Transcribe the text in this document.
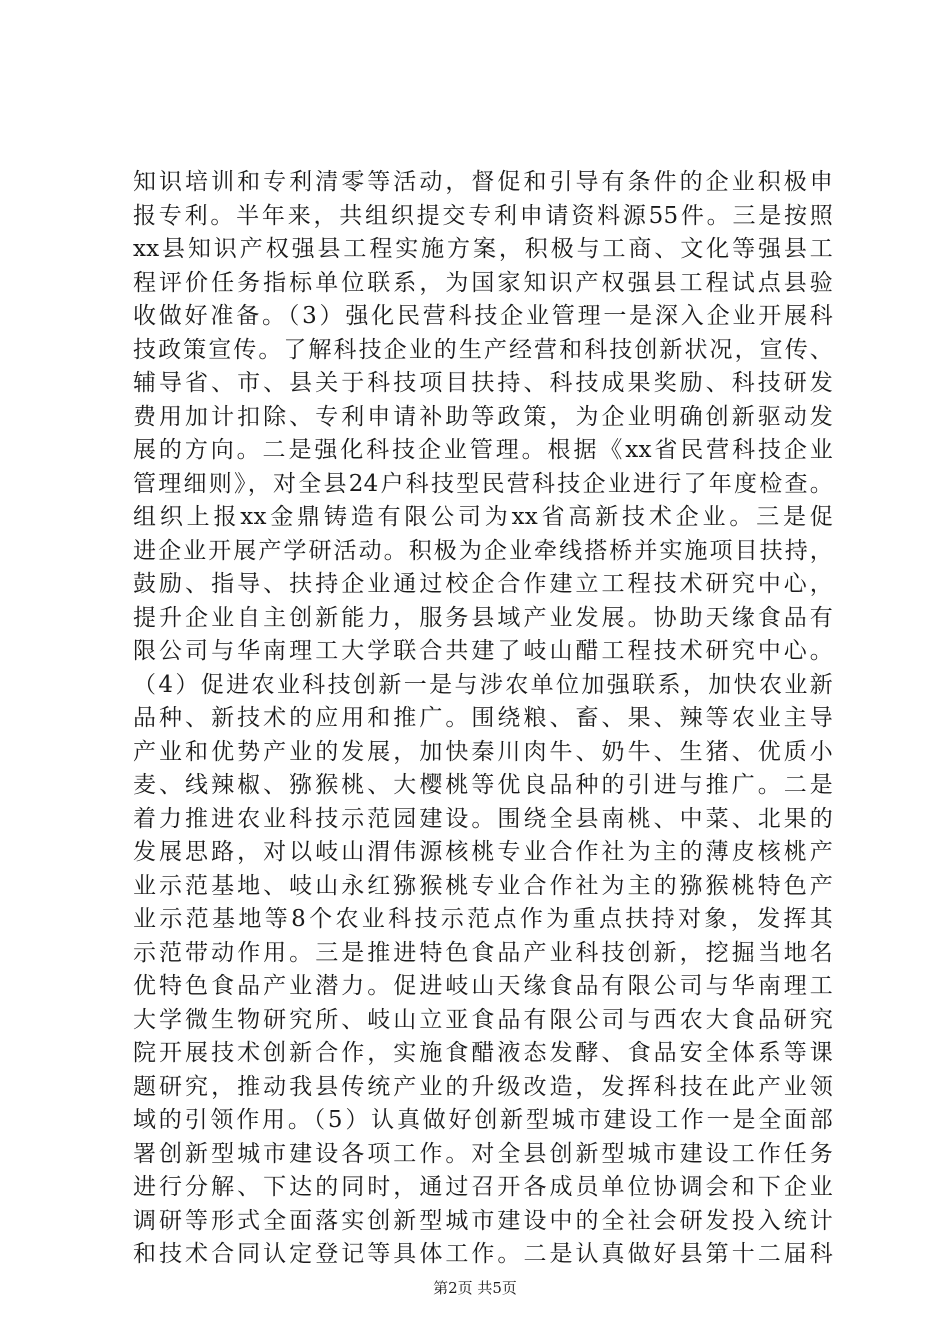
知识培训和专利清零等活动，督促和引导有条件的企业积极申
报专利。半年来，共组织提交专利申请资料源55件。三是按照
xx县知识产权强县工程实施方案，积极与工商、文化等强县工
程评价任务指标单位联系，为国家知识产权强县工程试点县验
收做好准备。（3）强化民营科技企业管理一是深入企业开展科
技政策宣传。了解科技企业的生产经营和科技创新状况，宣传、
辅导省、市、县关于科技项目扶持、科技成果奖励、科技研发
费用加计扣除、专利申请补助等政策，为企业明确创新驱动发
展的方向。二是强化科技企业管理。根据《xx省民营科技企业
管理细则》，对全县24户科技型民营科技企业进行了年度检查。
组织上报xx金鼎铸造有限公司为xx省高新技术企业。三是促
进企业开展产学研活动。积极为企业牵线搭桥并实施项目扶持，
鼓励、指导、扶持企业通过校企合作建立工程技术研究中心，
提升企业自主创新能力，服务县域产业发展。协助天缘食品有
限公司与华南理工大学联合共建了岐山醋工程技术研究中心。
（4）促进农业科技创新一是与涉农单位加强联系，加快农业新
品种、新技术的应用和推广。围绕粮、畜、果、辣等农业主导
产业和优势产业的发展，加快秦川肉牛、奶牛、生猪、优质小
麦、线辣椒、猕猴桃、大樱桃等优良品种的引进与推广。二是
着力推进农业科技示范园建设。围绕全县南桃、中菜、北果的
发展思路，对以岐山渭伟源核桃专业合作社为主的薄皮核桃产
业示范基地、岐山永红猕猴桃专业合作社为主的猕猴桃特色产
业示范基地等8个农业科技示范点作为重点扶持对象，发挥其
示范带动作用。三是推进特色食品产业科技创新，挖掘当地名
优特色食品产业潜力。促进岐山天缘食品有限公司与华南理工
大学微生物研究所、岐山立亚食品有限公司与西农大食品研究
院开展技术创新合作，实施食醋液态发酵、食品安全体系等课
题研究，推动我县传统产业的升级改造，发挥科技在此产业领
域的引领作用。（5）认真做好创新型城市建设工作一是全面部
署创新型城市建设各项工作。对全县创新型城市建设工作任务
进行分解、下达的同时，通过召开各成员单位协调会和下企业
调研等形式全面落实创新型城市建设中的全社会研发投入统计
和技术合同认定登记等具体工作。二是认真做好县第十二届科
第2页 共5页
